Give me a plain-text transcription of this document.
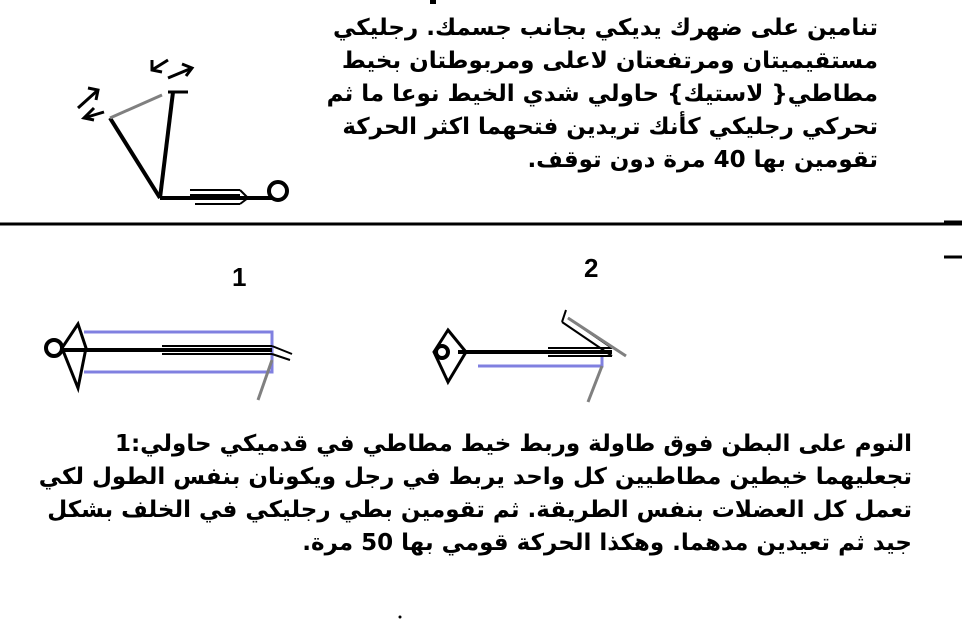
تنامين على ضهرك يديكي بجانب جسمك. رجليكي
مستقيميتان ومرتفعتان لاعلى ومربوطتان بخيط
مطاطي{ لاستيك} حاولي شدي الخيط نوعا ما ثم
تحركي رجليكي كأنك تريدين فتحهما اكثر الحركة
تقومين بها 40 مرة دون توقف.
1	2
النوم على البطن فوق طاولة وربط خيط مطاطي في قدميكي حاولي:1
تجعليهما خيطين مطاطيين كل واحد يربط في رجل ويكونان بنفس الطول لكي
تعمل كل العضلات بنفس الطريقة. ثم تقومين بطي رجليكي في الخلف بشكل
جيد ثم تعيدين مدهما. وهكذا الحركة قومي بها 50 مرة.
